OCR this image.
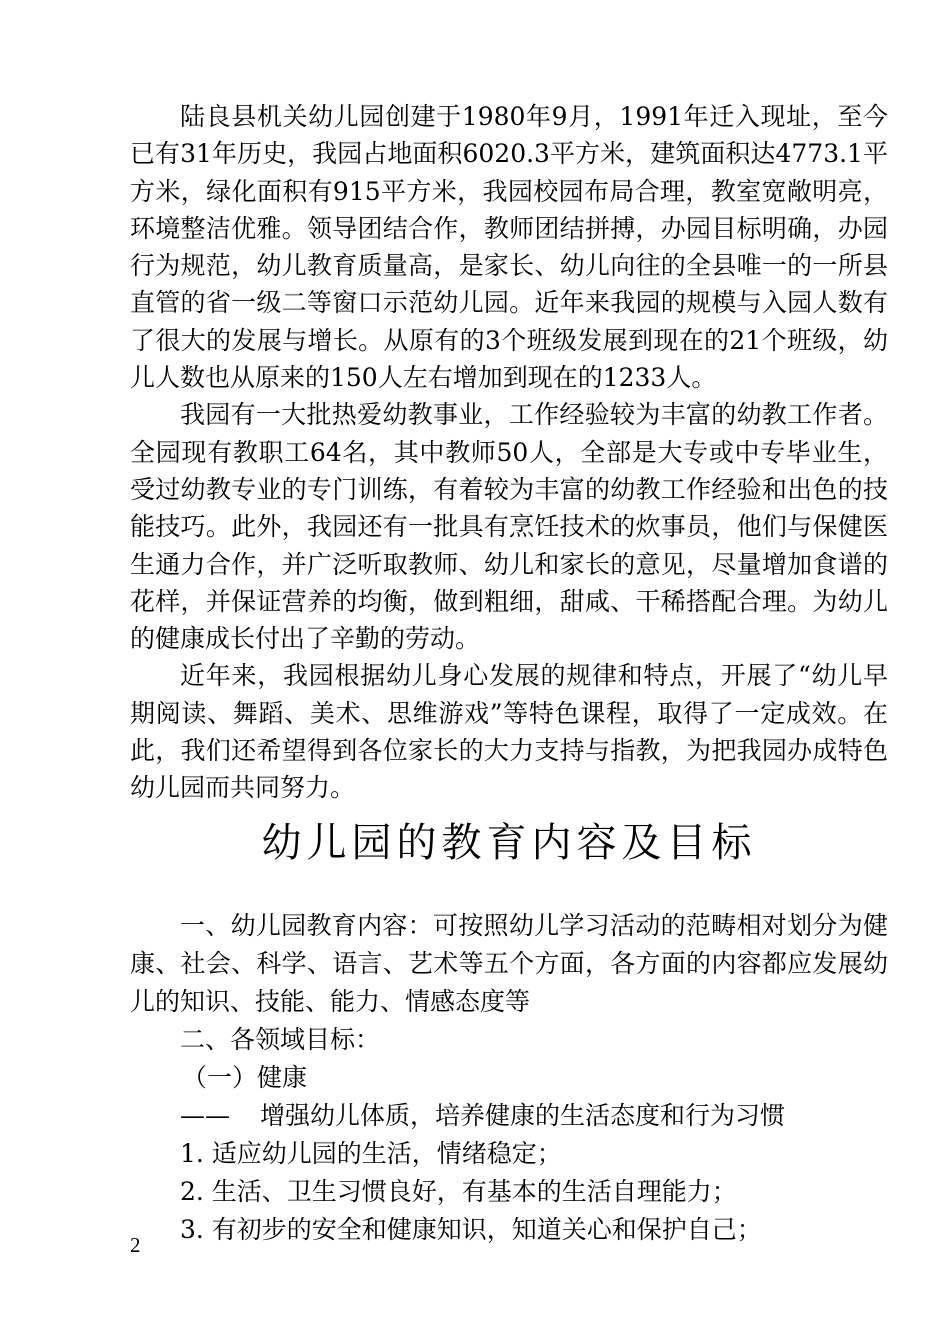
陆良县机关幼儿园创建于1980年9月，1991年迁入现址，至今已有31年历史，我园占地面积6020.3平方米，建筑面积达4773.1平方米，绿化面积有915平方米，我园校园布局合理，教室宽敞明亮，环境整洁优雅。领导团结合作，教师团结拼搏，办园目标明确，办园行为规范，幼儿教育质量高，是家长、幼儿向往的全县唯一的一所县直管的省一级二等窗口示范幼儿园。近年来我园的规模与入园人数有了很大的发展与增长。从原有的3个班级发展到现在的21个班级，幼儿人数也从原来的150人左右增加到现在的1233人。

我园有一大批热爱幼教事业，工作经验较为丰富的幼教工作者。全园现有教职工64名，其中教师50人，全部是大专或中专毕业生，受过幼教专业的专门训练，有着较为丰富的幼教工作经验和出色的技能技巧。此外，我园还有一批具有烹饪技术的炊事员，他们与保健医生通力合作，并广泛听取教师、幼儿和家长的意见，尽量增加食谱的花样，并保证营养的均衡，做到粗细，甜咸、干稀搭配合理。为幼儿的健康成长付出了辛勤的劳动。

近年来，我园根据幼儿身心发展的规律和特点，开展了“幼儿早期阅读、舞蹈、美术、思维游戏”等特色课程，取得了一定成效。在此，我们还希望得到各位家长的大力支持与指教，为把我园办成特色幼儿园而共同努力。

幼儿园的教育内容及目标

一、幼儿园教育内容：可按照幼儿学习活动的范畴相对划分为健康、社会、科学、语言、艺术等五个方面，各方面的内容都应发展幼儿的知识、技能、能力、情感态度等

二、各领域目标：

（一）健康

—— 增强幼儿体质，培养健康的生活态度和行为习惯

1. 适应幼儿园的生活，情绪稳定；

2. 生活、卫生习惯良好，有基本的生活自理能力；

3. 有初步的安全和健康知识，知道关心和保护自己；

2
